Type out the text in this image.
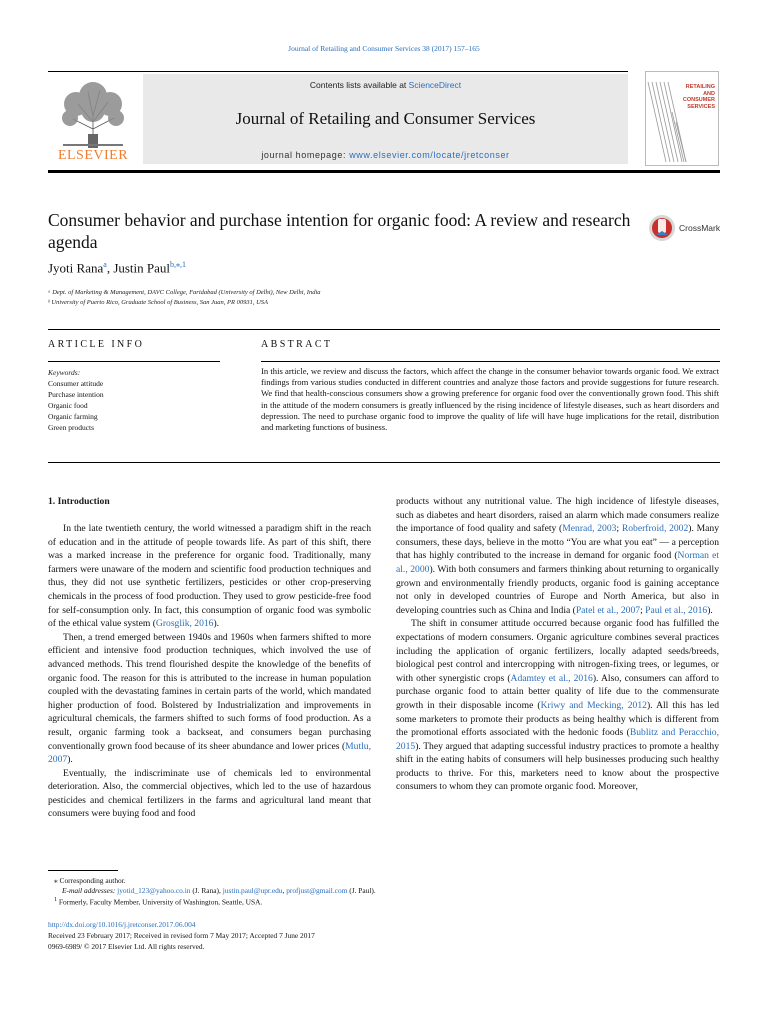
Journal of Retailing and Consumer Services 38 (2017) 157–165
ELSEVIER
Contents lists available at ScienceDirect
Journal of Retailing and Consumer Services
journal homepage: www.elsevier.com/locate/jretconser
RETAILING
AND
CONSUMER
SERVICES
Consumer behavior and purchase intention for organic food: A review and research agenda
CrossMark
Jyoti Rana$^a$, Justin Paul$^{b,⁎,1}$
ᵃ Dept. of Marketing & Management, DAVC College, Faridabad (University of Delhi), New Delhi, India
ᵇ University of Puerto Rico, Graduate School of Business, San Juan, PR 00931, USA
ARTICLE INFO	ABSTRACT
Keywords:
Consumer attitude
Purchase intention
Organic food
Organic farming
Green products
In this article, we review and discuss the factors, which affect the change in the consumer behavior towards organic food. We extract findings from various studies conducted in different countries and analyze those factors and provide suggestions for future research. We find that health-conscious consumers show a growing preference for organic food over the conventionally grown food. This shift in the attitude of the modern consumers is greatly influenced by the rising incidence of lifestyle diseases, such as heart disorders and depression. The need to purchase organic food to improve the quality of life will have huge implications for the retail, distribution and marketing functions of business.
1. Introduction

In the late twentieth century, the world witnessed a paradigm shift in the reach of education and in the attitude of people towards life. As part of this shift, there was a marked increase in the preference for organic food. Traditionally, many farmers were unaware of the modern and scientific food production techniques and thus, they did not use synthetic fertilizers, pesticides or other crop-preserving chemicals in the process of food production. They used to grow pesticide-free food for self-consumption only. In fact, this consumption of organic food was symbolic of the ethical value system (Grosglik, 2016).

Then, a trend emerged between 1940s and 1960s when farmers shifted to more efficient and intensive food production techniques, which involved the use of advanced methods. This trend flourished despite the knowledge of the benefits of organic food. The reason for this is attributed to the increase in human population coupled with the devastating famines in certain parts of the world, which mandated higher production of food. Bolstered by Industrialization and improvements in agricultural chemicals, the farmers shifted to such forms of food production. As a result, organic farming took a backseat, and consumers began purchasing conventionally grown food because of its sheer abundance and lower prices (Mutlu, 2007).

Eventually, the indiscriminate use of chemicals led to environmental deterioration. Also, the commercial objectives, which led to the use of hazardous pesticides and chemical fertilizers in the farms and agricultural land meant that consumers were buying food and food

products without any nutritional value. The high incidence of lifestyle diseases, such as diabetes and heart disorders, raised an alarm which made consumers realize the importance of food quality and safety (Menrad, 2003; Roberfroid, 2002). Many consumers, these days, believe in the motto “You are what you eat” — a perception that has highly contributed to the increase in demand for organic food (Norman et al., 2000). With both consumers and farmers thinking about returning to organically grown and environmentally friendly products, organic food is gaining acceptance not only in developed countries of Europe and North America, but also in developing countries such as China and India (Patel et al., 2007; Paul et al., 2016).

The shift in consumer attitude occurred because organic food has fulfilled the expectations of modern consumers. Organic agriculture combines several practices including the application of organic fertilizers, locally adapted seeds/breeds, biological pest control and intercropping with nitrogen-fixing trees, or legumes, or with other synergistic crops (Adamtey et al., 2016). Also, consumers can afford to purchase organic food to attain better quality of life due to the commensurate growth in their disposable income (Kriwy and Mecking, 2012). All this has led some marketers to promote their products as being healthy which is different from the promotional efforts associated with the hedonic foods (Bublitz and Peracchio, 2015). They argued that adapting successful industry practices to promote a healthy shift in the eating habits of consumers will help businesses producing such healthy products to thrive. For this, marketers need to know about the prospective consumers to whom they can promote organic food. Moreover,

⁎ Corresponding author.
E-mail addresses: jyotid_123@yahoo.co.in (J. Rana), justin.paul@upr.edu, profjust@gmail.com (J. Paul).
$^1$ Formerly, Faculty Member, University of Washington, Seattle, USA.
http://dx.doi.org/10.1016/j.jretconser.2017.06.004
Received 23 February 2017; Received in revised form 7 May 2017; Accepted 7 June 2017
0969-6989/ © 2017 Elsevier Ltd. All rights reserved.
